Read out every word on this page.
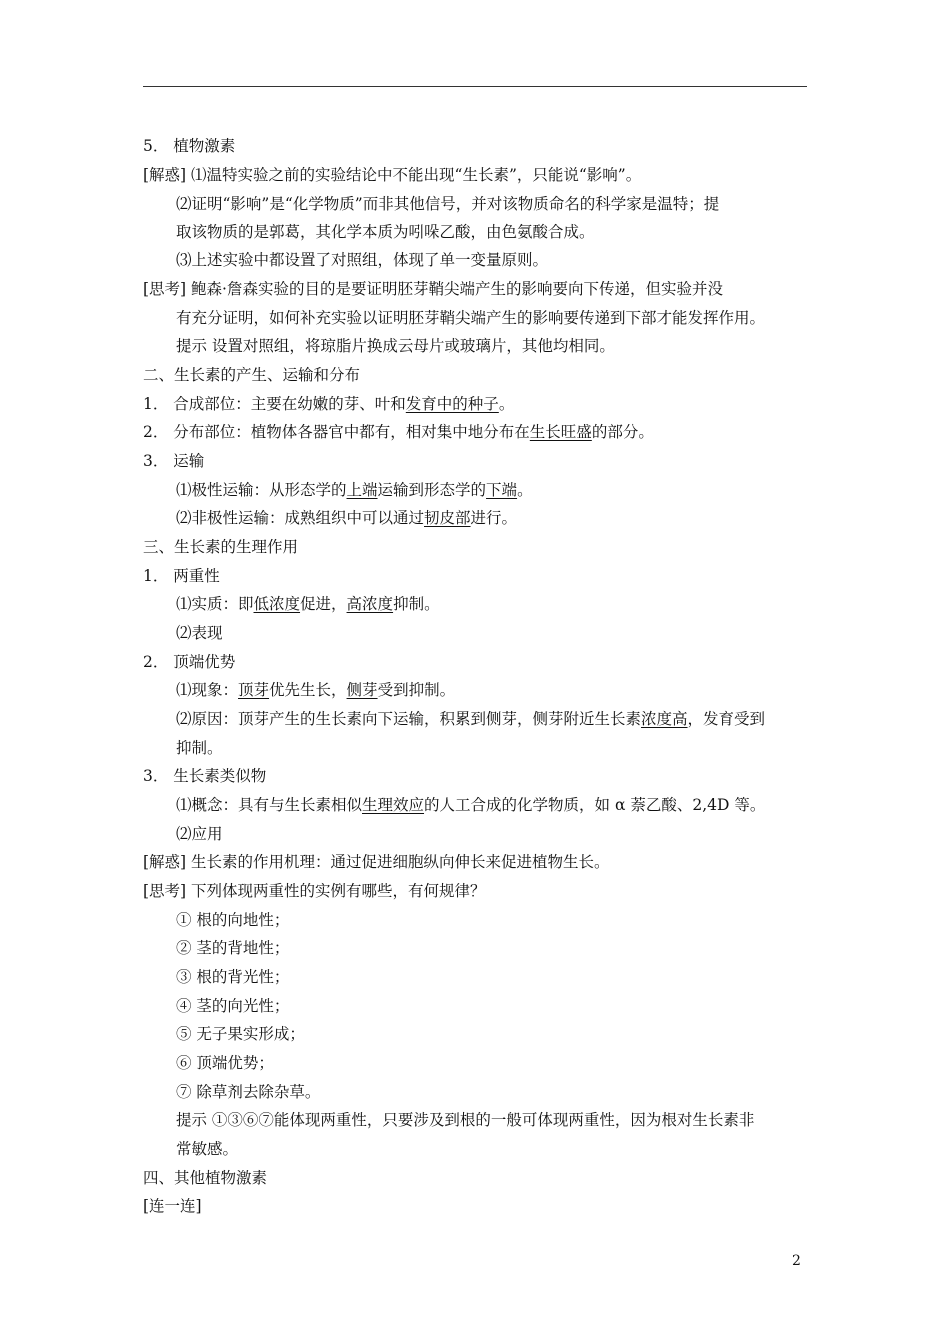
5． 植物激素
[解惑] ⑴温特实验之前的实验结论中不能出现“生长素”，只能说“影响”。
⑵证明“影响”是“化学物质”而非其他信号，并对该物质命名的科学家是温特；提
取该物质的是郭葛，其化学本质为吲哚乙酸，由色氨酸合成。
⑶上述实验中都设置了对照组，体现了单一变量原则。
[思考] 鲍森·詹森实验的目的是要证明胚芽鞘尖端产生的影响要向下传递，但实验并没
有充分证明，如何补充实验以证明胚芽鞘尖端产生的影响要传递到下部才能发挥作用。
提示 设置对照组，将琼脂片换成云母片或玻璃片，其他均相同。
二、生长素的产生、运输和分布
1． 合成部位：主要在幼嫩的芽、叶和发育中的种子。
2． 分布部位：植物体各器官中都有，相对集中地分布在生长旺盛的部分。
3． 运输
⑴极性运输：从形态学的上端运输到形态学的下端。
⑵非极性运输：成熟组织中可以通过韧皮部进行。
三、生长素的生理作用
1． 两重性
⑴实质：即低浓度促进，高浓度抑制。
⑵表现
2． 顶端优势
⑴现象：顶芽优先生长，侧芽受到抑制。
⑵原因：顶芽产生的生长素向下运输，积累到侧芽，侧芽附近生长素浓度高，发育受到
抑制。
3． 生长素类似物
⑴概念：具有与生长素相似生理效应的人工合成的化学物质，如 α 萘乙酸、2,4D 等。
⑵应用
[解惑] 生长素的作用机理：通过促进细胞纵向伸长来促进植物生长。
[思考] 下列体现两重性的实例有哪些，有何规律？
① 根的向地性；
② 茎的背地性；
③ 根的背光性；
④ 茎的向光性；
⑤ 无子果实形成；
⑥ 顶端优势；
⑦ 除草剂去除杂草。
提示 ①③⑥⑦能体现两重性，只要涉及到根的一般可体现两重性，因为根对生长素非
常敏感。
四、其他植物激素
[连一连]
2
